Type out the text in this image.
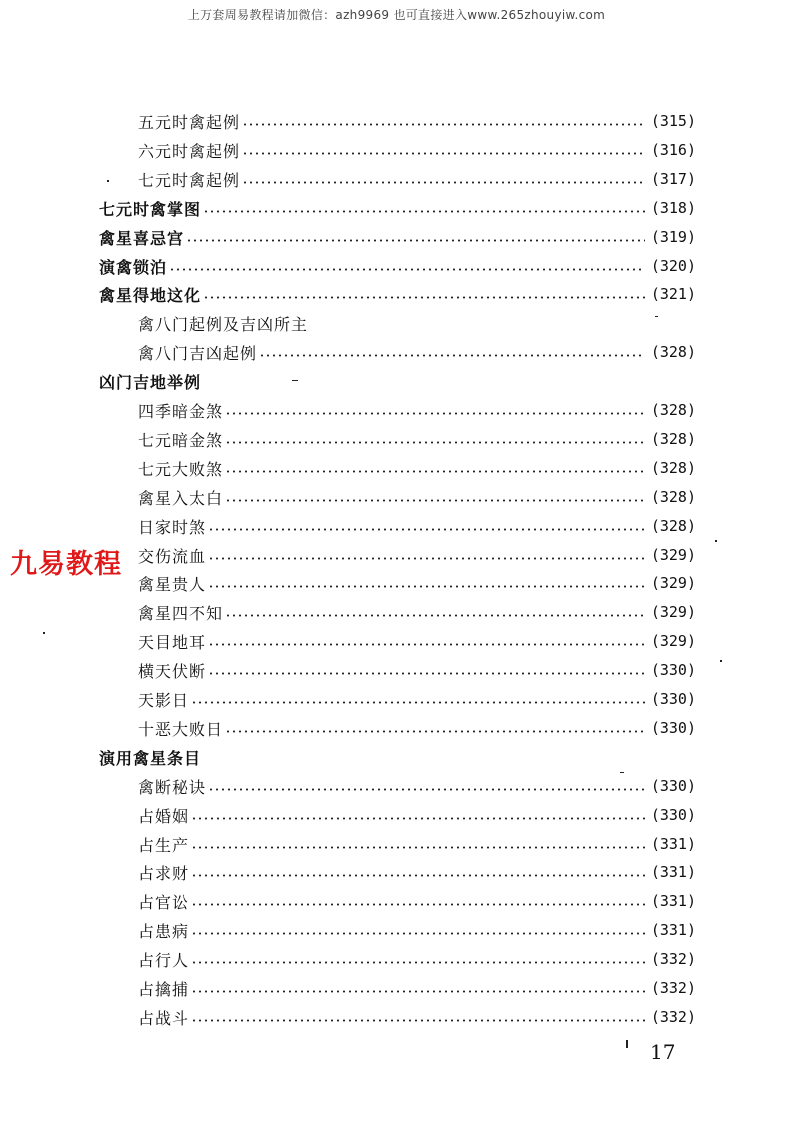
上万套周易教程请加微信：azh9969 也可直接进入www.265zhouyiw.com
五元时禽起例	(315)
六元时禽起例	(316)
七元时禽起例	(317)
七元时禽掌图	(318)
禽星喜忌宫	(319)
演禽锁泊	(320)
禽星得地这化	(321)
禽八门起例及吉凶所主
禽八门吉凶起例	(328)
凶门吉地举例
四季暗金煞	(328)
七元暗金煞	(328)
七元大败煞	(328)
禽星入太白	(328)
日家时煞	(328)
交伤流血	(329)
禽星贵人	(329)
禽星四不知	(329)
天目地耳	(329)
横天伏断	(330)
天影日	(330)
十恶大败日	(330)
演用禽星条目
禽断秘诀	(330)
占婚姻	(330)
占生产	(331)
占求财	(331)
占官讼	(331)
占患病	(331)
占行人	(332)
占擒捕	(332)
占战斗	(332)
九易教程
17
